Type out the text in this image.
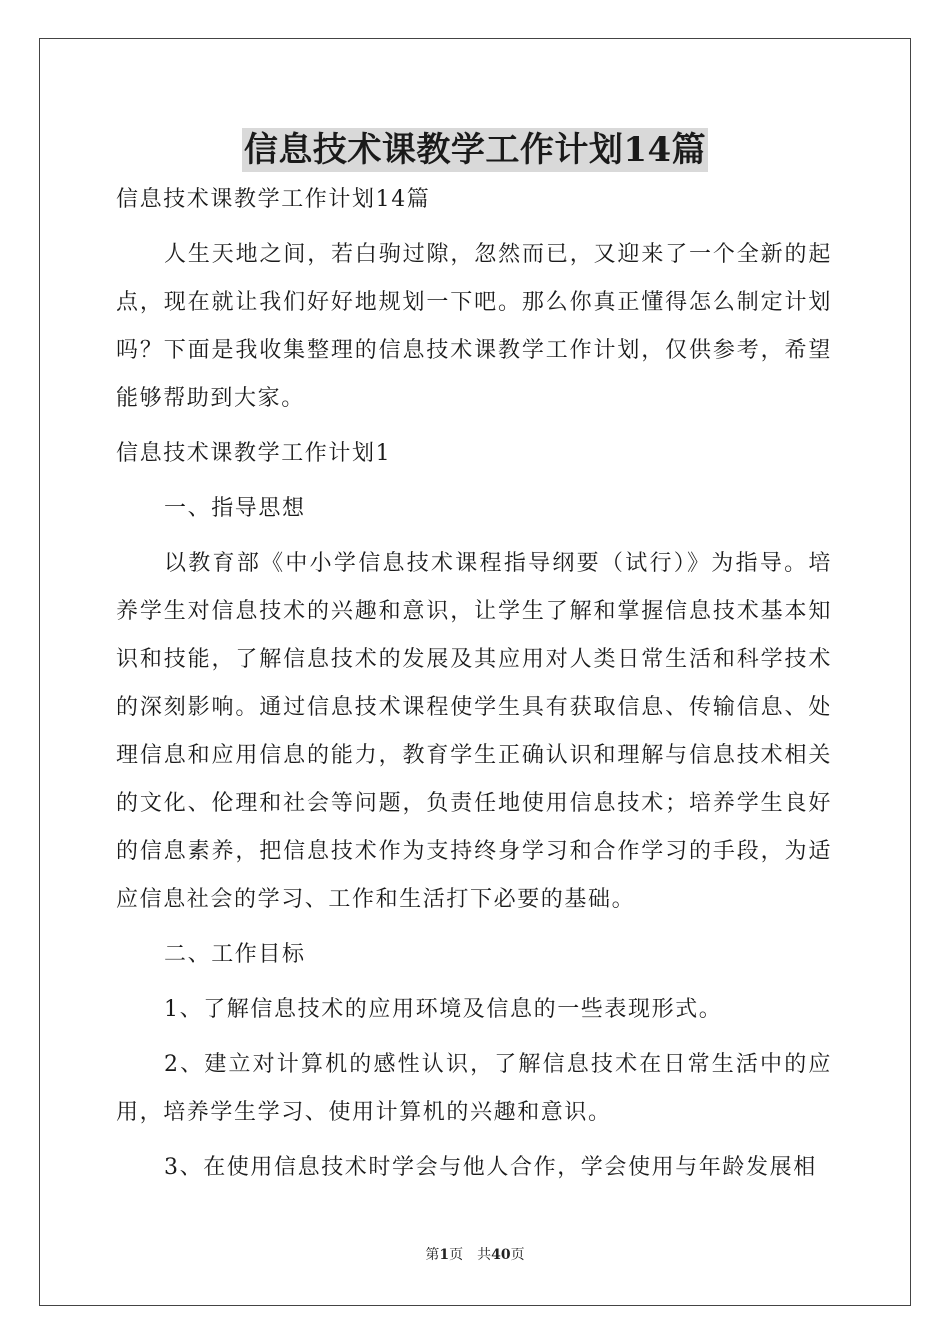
信息技术课教学工作计划14篇

信息技术课教学工作计划14篇

人生天地之间，若白驹过隙，忽然而已，又迎来了一个全新的起点，现在就让我们好好地规划一下吧。那么你真正懂得怎么制定计划吗？下面是我收集整理的信息技术课教学工作计划，仅供参考，希望能够帮助到大家。

信息技术课教学工作计划1

一、指导思想

以教育部《中小学信息技术课程指导纲要（试行）》为指导。培养学生对信息技术的兴趣和意识，让学生了解和掌握信息技术基本知识和技能，了解信息技术的发展及其应用对人类日常生活和科学技术的深刻影响。通过信息技术课程使学生具有获取信息、传输信息、处理信息和应用信息的能力，教育学生正确认识和理解与信息技术相关的文化、伦理和社会等问题，负责任地使用信息技术；培养学生良好的信息素养，把信息技术作为支持终身学习和合作学习的手段，为适应信息社会的学习、工作和生活打下必要的基础。

二、工作目标

1、了解信息技术的应用环境及信息的一些表现形式。

2、建立对计算机的感性认识，了解信息技术在日常生活中的应用，培养学生学习、使用计算机的兴趣和意识。

3、在使用信息技术时学会与他人合作，学会使用与年龄发展相

第1页　共40页
